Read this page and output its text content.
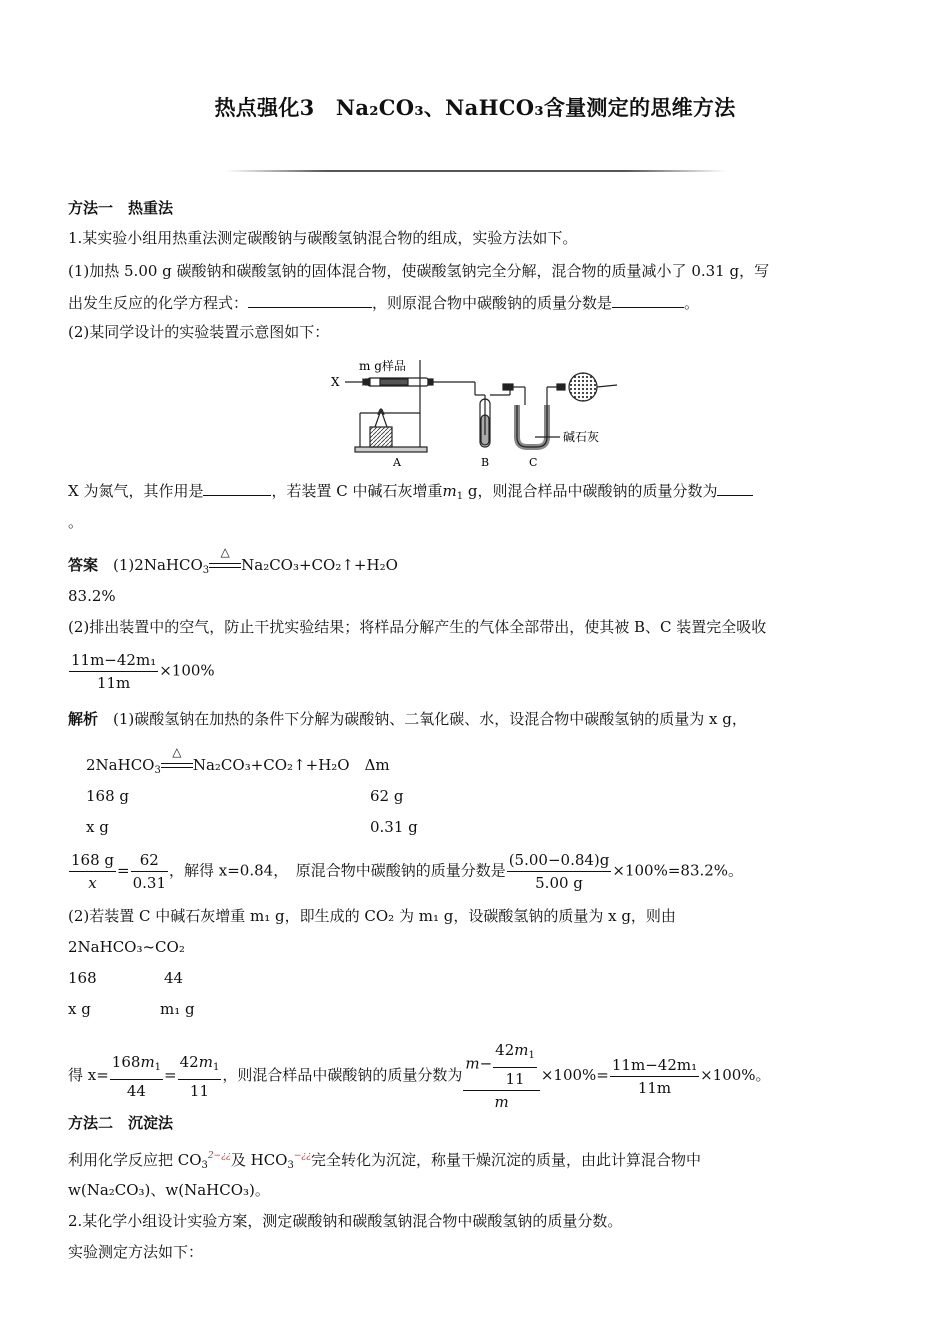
热点强化3　Na₂CO₃、NaHCO₃含量测定的思维方法
方法一　热重法
1.某实验小组用热重法测定碳酸钠与碳酸氢钠混合物的组成，实验方法如下。
(1)加热 5.00 g 碳酸钠和碳酸氢钠的固体混合物，使碳酸氢钠完全分解，混合物的质量减小了 0.31 g，写
出发生反应的化学方程式：	，则原混合物中碳酸钠的质量分数是	。
(2)某同学设计的实验装置示意图如下：
m g样品
X
碱石灰
A	B	C
X 为氮气，其作用是	，若装置 C 中碱石灰增重$m_1$ g，则混合样品中碳酸钠的质量分数为
。
答案　 (1)2NaHCO$_3$
△
Na₂CO₃+CO₂↑+H₂O
83.2%
(2)排出装置中的空气，防止干扰实验结果；将样品分解产生的气体全部带出，使其被 B、C 装置完全吸收
$\frac{\text{11m−42m₁}}{11m} \times 100\%$
解析　 (1)碳酸氢钠在加热的条件下分解为碳酸钠、二氧化碳、水，设混合物中碳酸氢钠的质量为 x g，
2NaHCO$_3$
△
Na₂CO₃+CO₂↑+H₂O　Δm
168 g	62 g
x g	0.31 g
$\frac{168 g}{x} = \frac{62}{0.31}$ ，解得 x=0.84，　原混合物中碳酸钠的质量分数是 $\frac{(5.00-0.84)g}{5.00 g} \times 100\%=83.2\%$。
(2)若装置 C 中碱石灰增重 m₁ g，即生成的 CO₂ 为 m₁ g，设碳酸氢钠的质量为 x g，则由
2NaHCO₃~CO₂
168	44
x g	m₁ g
得 $x= \frac{168m_1}{44} = \frac{42m_1}{11}$ ，则混合样品中碳酸钠的质量分数为 $\frac{m- \frac{42m_1}{11}}{m} \times 100\%= \frac{\text{11m−42m₁}}{11m} \times 100\%$。
方法二　沉淀法
利用化学反应把 $CO_3^{2-¿¿}$及 $HCO_3^{-¿¿}$完全转化为沉淀，称量干燥沉淀的质量，由此计算混合物中
w(Na₂CO₃)、w(NaHCO₃)。
2.某化学小组设计实验方案，测定碳酸钠和碳酸氢钠混合物中碳酸氢钠的质量分数。
实验测定方法如下：
